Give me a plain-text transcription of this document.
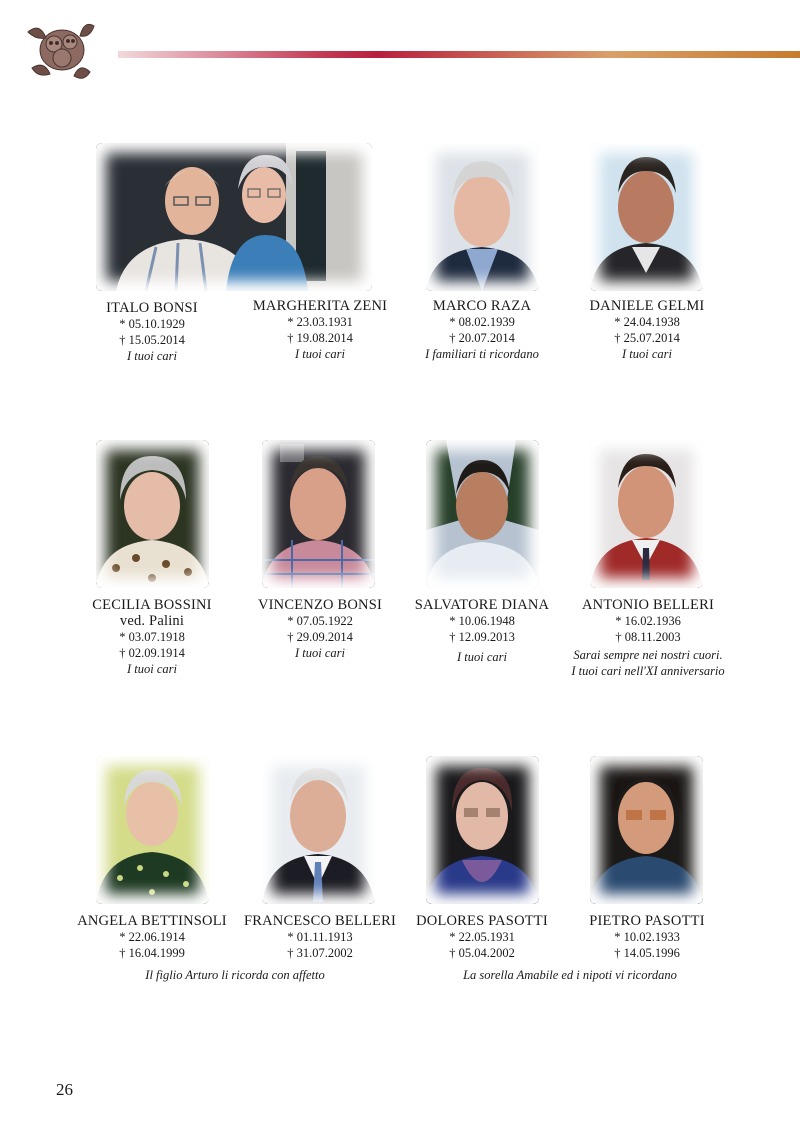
ITALO BONSI
* 05.10.1929
† 15.05.2014
I tuoi cari
MARGHERITA ZENI
* 23.03.1931
† 19.08.2014
I tuoi cari
MARCO RAZA
* 08.02.1939
† 20.07.2014
I familiari ti ricordano
DANIELE GELMI
* 24.04.1938
† 25.07.2014
I tuoi cari
CECILIA BOSSINI
ved. Palini
* 03.07.1918
† 02.09.1914
I tuoi cari
VINCENZO BONSI
* 07.05.1922
† 29.09.2014
I tuoi cari
SALVATORE DIANA
* 10.06.1948
† 12.09.2013
I tuoi cari
ANTONIO BELLERI
* 16.02.1936
† 08.11.2003
Sarai sempre nei nostri cuori.
I tuoi cari nell'XI anniversario
ANGELA BETTINSOLI
* 22.06.1914
† 16.04.1999
FRANCESCO BELLERI
* 01.11.1913
† 31.07.2002
DOLORES PASOTTI
* 22.05.1931
† 05.04.2002
PIETRO PASOTTI
* 10.02.1933
† 14.05.1996
Il figlio Arturo li ricorda con affetto	La sorella Amabile ed i nipoti vi ricordano
26
